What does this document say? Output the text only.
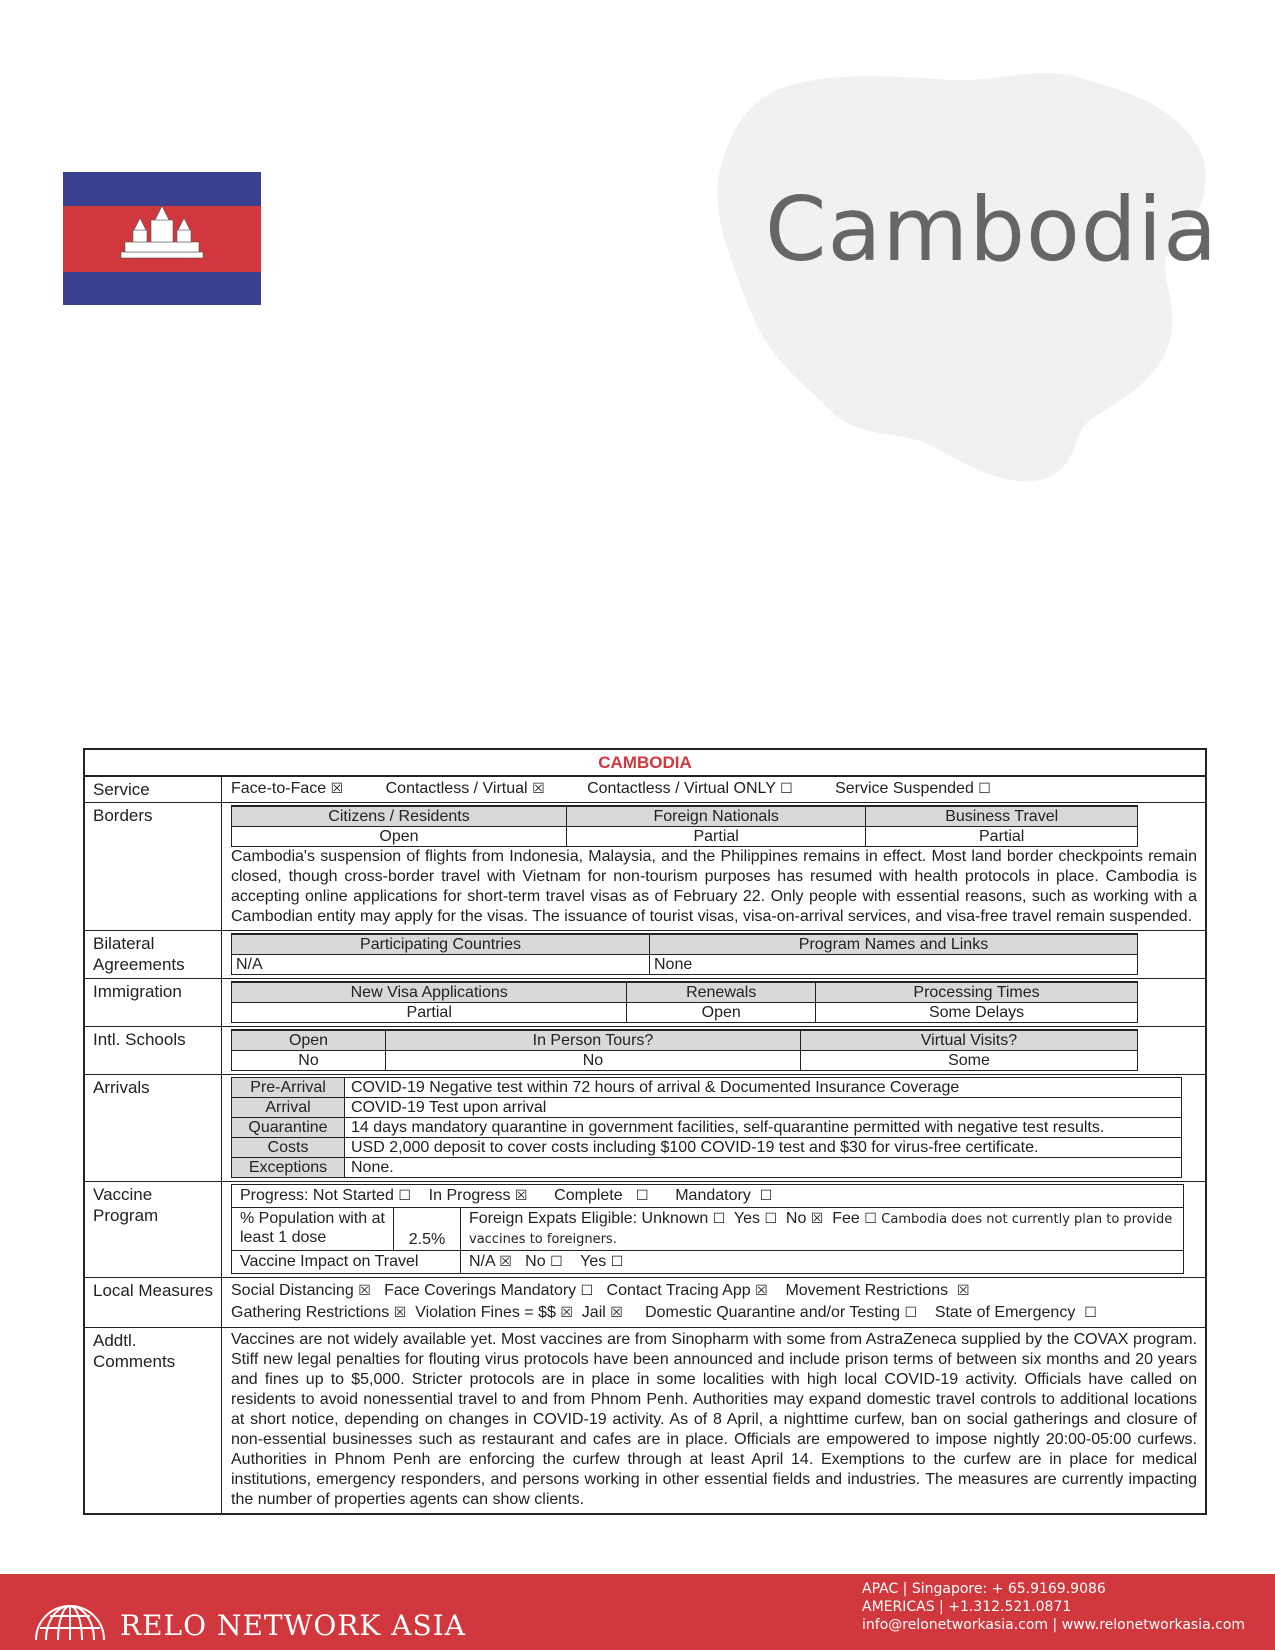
Cambodia
CAMBODIA
Service	Face-to-Face ☒	Contactless / Virtual ☒	Contactless / Virtual ONLY ☐	Service Suspended ☐
Borders	Citizens / Residents	Foreign Nationals	Business Travel
Open	Partial	Partial
Cambodia's suspension of flights from Indonesia, Malaysia, and the Philippines remains in effect. Most land border checkpoints remain closed, though cross-border travel with Vietnam for non-tourism purposes has resumed with health protocols in place. Cambodia is accepting online applications for short-term travel visas as of February 22. Only people with essential reasons, such as working with a Cambodian entity may apply for the visas. The issuance of tourist visas, visa-on-arrival services, and visa-free travel remain suspended.
Bilateral Agreements
Participating Countries	Program Names and Links
N/A	None
Immigration	New Visa Applications	Renewals	Processing Times
Partial	Open	Some Delays
Intl. Schools	Open	In Person Tours?	Virtual Visits?
No	No	Some
Arrivals	Pre-Arrival	COVID-19 Negative test within 72 hours of arrival & Documented Insurance Coverage
Arrival	COVID-19 Test upon arrival
Quarantine	14 days mandatory quarantine in government facilities, self-quarantine permitted with negative test results.
Costs	USD 2,000 deposit to cover costs including $100 COVID-19 test and $30 for virus-free certificate.
Exceptions	None.
Vaccine Program
Progress: Not Started ☐ In Progress ☒ Complete ☐ Mandatory ☐		
% Population with at least 1 dose	2.5%	Foreign Expats Eligible: Unknown ☐ Yes ☐ No ☒ Fee ☐ Cambodia does not currently plan to provide vaccines to foreigners.
Vaccine Impact on Travel		N/A ☒ No ☐ Yes ☐
Local Measures	Social Distancing ☒ Face Coverings Mandatory ☐ Contact Tracing App ☒ Movement Restrictions ☒
Gathering Restrictions ☒ Violation Fines = $$ ☒ Jail ☒ Domestic Quarantine and/or Testing ☐ State of Emergency ☐
Addtl. Comments
Vaccines are not widely available yet. Most vaccines are from Sinopharm with some from AstraZeneca supplied by the COVAX program. Stiff new legal penalties for flouting virus protocols have been announced and include prison terms of between six months and 20 years and fines up to $5,000. Stricter protocols are in place in some localities with high local COVID-19 activity. Officials have called on residents to avoid nonessential travel to and from Phnom Penh. Authorities may expand domestic travel controls to additional locations at short notice, depending on changes in COVID-19 activity. As of 8 April, a nighttime curfew, ban on social gatherings and closure of non-essential businesses such as restaurant and cafes are in place. Officials are empowered to impose nightly 20:00-05:00 curfews. Authorities in Phnom Penh are enforcing the curfew through at least April 14. Exemptions to the curfew are in place for medical institutions, emergency responders, and persons working in other essential fields and industries. The measures are currently impacting the number of properties agents can show clients.
RELO NETWORK ASIA
APAC | Singapore: + 65.9169.9086
AMERICAS | +1.312.521.0871
info@relonetworkasia.com | www.relonetworkasia.com
